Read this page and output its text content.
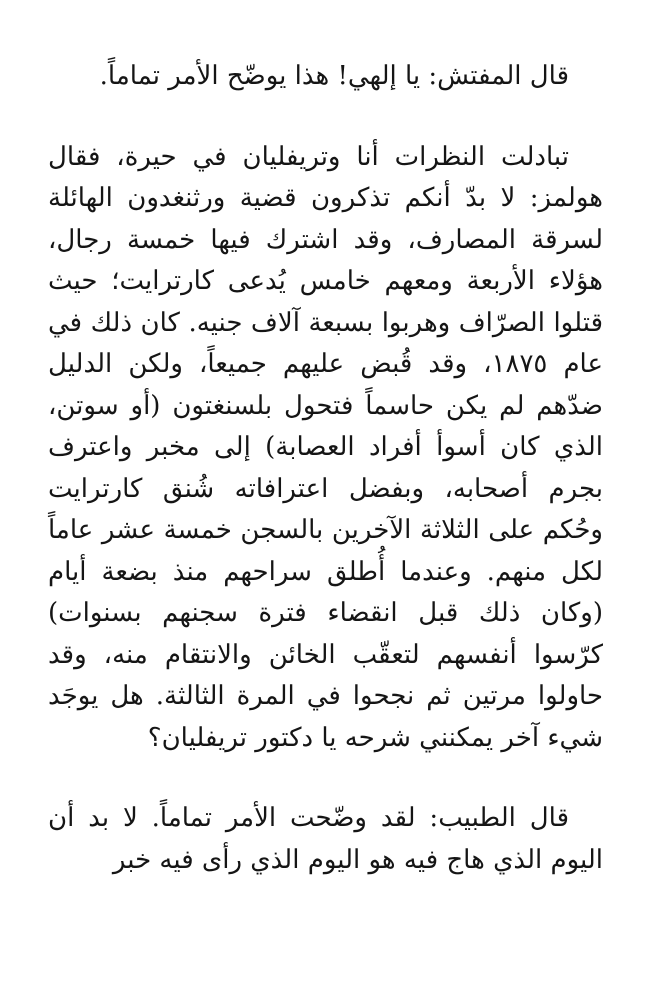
قال المفتش: يا إلهي! هذا يوضّح الأمر تماماً.

تبادلت النظرات أنا وتريفليان في حيرة، فقال هولمز: لا بدّ أنكم تذكرون قضية ورثنغدون الهائلة لسرقة المصارف، وقد اشترك فيها خمسة رجال، هؤلاء الأربعة ومعهم خامس يُدعى كارترايت؛ حيث قتلوا الصرّاف وهربوا بسبعة آلاف جنيه. كان ذلك في عام ١٨٧٥، وقد قُبض عليهم جميعاً، ولكن الدليل ضدّهم لم يكن حاسماً فتحول بلسنغتون (أو سوتن، الذي كان أسوأ أفراد العصابة) إلى مخبر واعترف بجرم أصحابه، وبفضل اعترافاته شُنق كارترايت وحُكم على الثلاثة الآخرين بالسجن خمسة عشر عاماً لكل منهم. وعندما أُطلق سراحهم منذ بضعة أيام (وكان ذلك قبل انقضاء فترة سجنهم بسنوات) كرّسوا أنفسهم لتعقّب الخائن والانتقام منه، وقد حاولوا مرتين ثم نجحوا في المرة الثالثة. هل يوجَد شيء آخر يمكنني شرحه يا دكتور تريفليان؟

قال الطبيب: لقد وضّحت الأمر تماماً. لا بد أن اليوم الذي هاج فيه هو اليوم الذي رأى فيه خبر
